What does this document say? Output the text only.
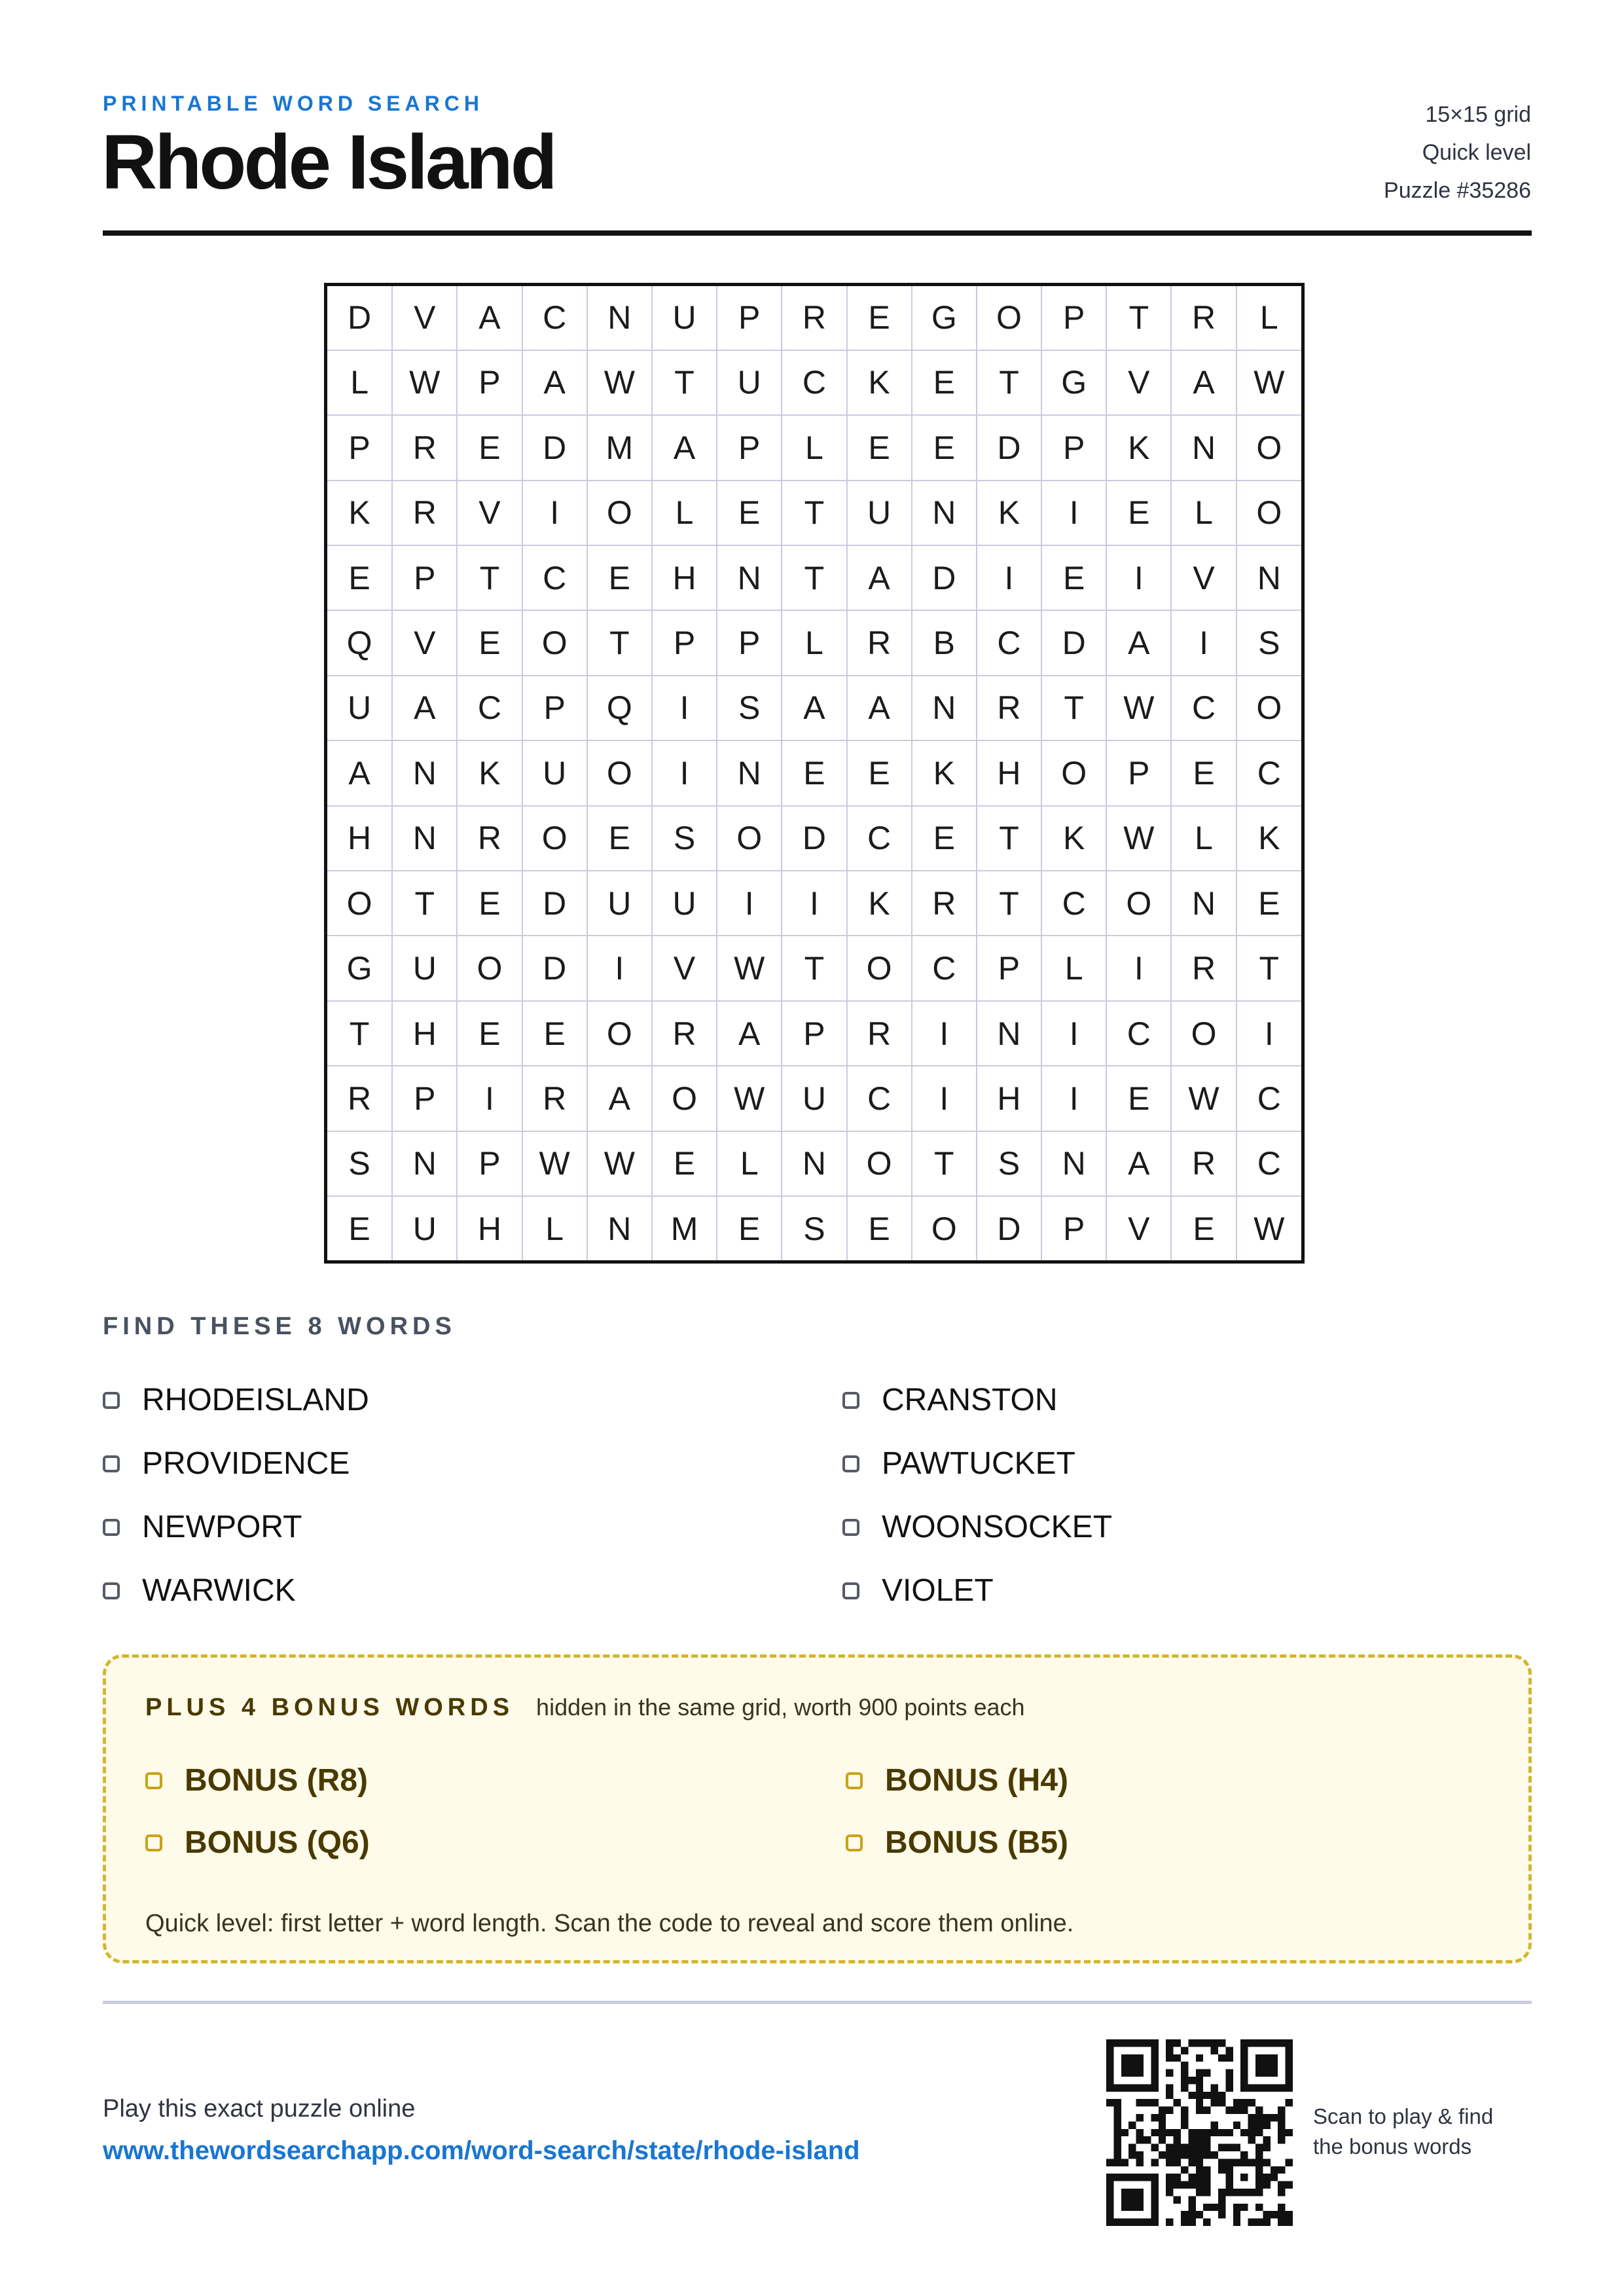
PRINTABLE WORD SEARCH
Rhode Island
15×15 grid
Quick level
Puzzle #35286
D	V	A	C	N	U	P	R	E	G	O	P	T	R	L
L	W	P	A	W	T	U	C	K	E	T	G	V	A	W
P	R	E	D	M	A	P	L	E	E	D	P	K	N	O
K	R	V	I	O	L	E	T	U	N	K	I	E	L	O
E	P	T	C	E	H	N	T	A	D	I	E	I	V	N
Q	V	E	O	T	P	P	L	R	B	C	D	A	I	S
U	A	C	P	Q	I	S	A	A	N	R	T	W	C	O
A	N	K	U	O	I	N	E	E	K	H	O	P	E	C
H	N	R	O	E	S	O	D	C	E	T	K	W	L	K
O	T	E	D	U	U	I	I	K	R	T	C	O	N	E
G	U	O	D	I	V	W	T	O	C	P	L	I	R	T
T	H	E	E	O	R	A	P	R	I	N	I	C	O	I
R	P	I	R	A	O	W	U	C	I	H	I	E	W	C
S	N	P	W	W	E	L	N	O	T	S	N	A	R	C
E	U	H	L	N	M	E	S	E	O	D	P	V	E	W
FIND THESE 8 WORDS
RHODEISLAND
PROVIDENCE
NEWPORT
WARWICK
CRANSTON
PAWTUCKET
WOONSOCKET
VIOLET
PLUS 4 BONUS WORDS hidden in the same grid, worth 900 points each
BONUS (R8)
BONUS (Q6)
BONUS (H4)
BONUS (B5)
Quick level: first letter + word length. Scan the code to reveal and score them online.
Play this exact puzzle online
www.thewordsearchapp.com/word-search/state/rhode-island
Scan to play & find
the bonus words
